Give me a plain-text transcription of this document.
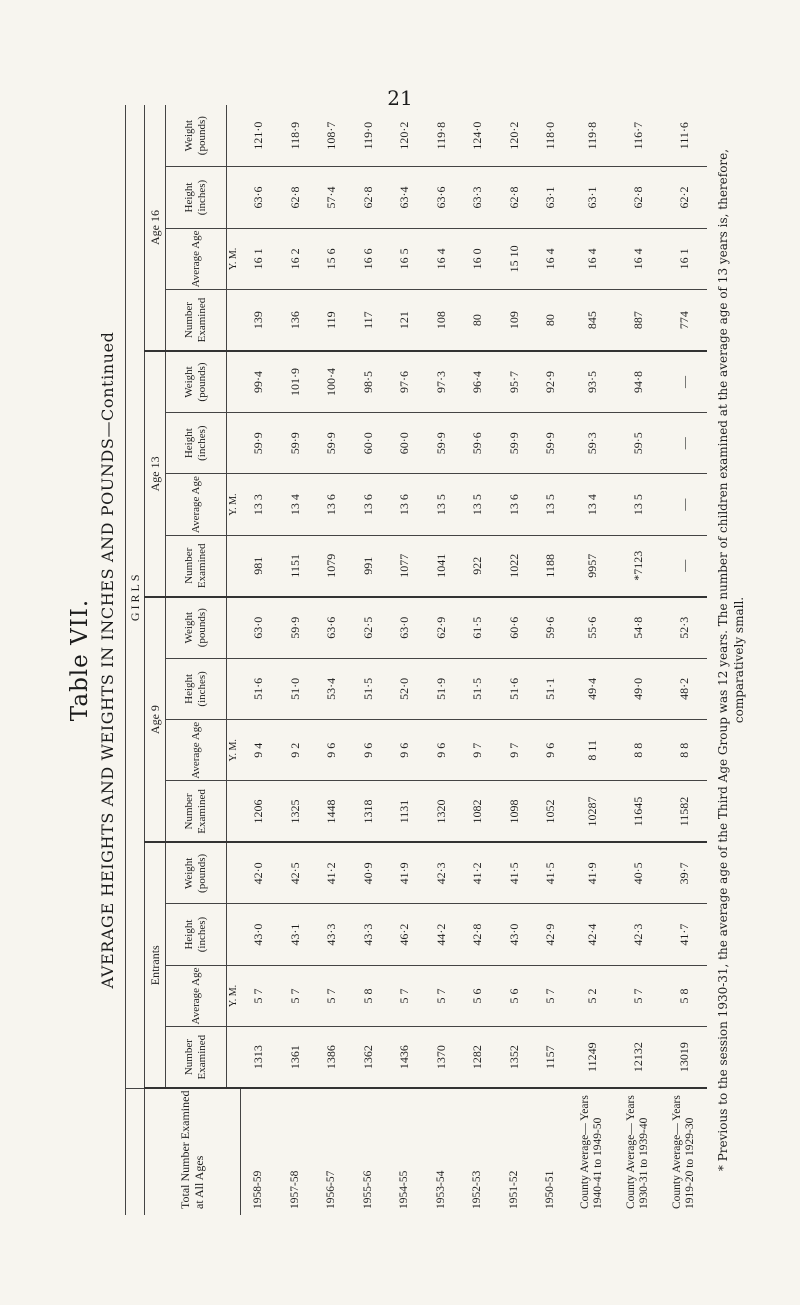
21
Table VII. AVERAGE HEIGHTS AND WEIGHTS IN INCHES AND POUNDS—Continued
	GIRLS															
Total Number Examined at All Ages	Entrants				Age 9				Age 13				Age 16			
	Number Examined	Average Age	Height (inches)	Weight (pounds)	Number Examined	Average Age	Height (inches)	Weight (pounds)	Number Examined	Average Age	Height (inches)	Weight (pounds)	Number Examined	Average Age	Height (inches)	Weight (pounds)
		Y. M.				Y. M.				Y. M.				Y. M.		
1958-59	1313	5 7	43·0	42·0	1206	9 4	51·6	63·0	981	13 3	59·9	99·4	139	16 1	63·6	121·0
1957-58	1361	5 7	43·1	42·5	1325	9 2	51·0	59·9	1151	13 4	59·9	101·9	136	16 2	62·8	118·9
1956-57	1386	5 7	43·3	41·2	1448	9 6	53·4	63·6	1079	13 6	59·9	100·4	119	15 6	57·4	108·7
1955-56	1362	5 8	43·3	40·9	1318	9 6	51·5	62·5	991	13 6	60·0	98·5	117	16 6	62·8	119·0
1954-55	1436	5 7	46·2	41·9	1131	9 6	52·0	63·0	1077	13 6	60·0	97·6	121	16 5	63·4	120·2
1953-54	1370	5 7	44·2	42·3	1320	9 6	51·9	62·9	1041	13 5	59·9	97·3	108	16 4	63·6	119·8
1952-53	1282	5 6	42·8	41·2	1082	9 7	51·5	61·5	922	13 5	59·6	96·4	80	16 0	63·3	124·0
1951-52	1352	5 6	43·0	41·5	1098	9 7	51·6	60·6	1022	13 6	59·9	95·7	109	15 10	62·8	120·2
1950-51	1157	5 7	42·9	41·5	1052	9 6	51·1	59·6	1188	13 5	59·9	92·9	80	16 4	63·1	118·0
County Average— Years 1940-41 to 1949-50	11249	5 2	42·4	41·9	10287	8 11	49·4	55·6	9957	13 4	59·3	93·5	845	16 4	63·1	119·8
County Average— Years 1930-31 to 1939-40	12132	5 7	42·3	40·5	11645	8 8	49·0	54·8	*7123	13 5	59·5	94·8	887	16 4	62·8	116·7
County Average— Years 1919-20 to 1929-30	13019	5 8	41·7	39·7	11582	8 8	48·2	52·3	—	—	—	—	774	16 1	62·2	111·6
* Previous to the session 1930-31, the average age of the Third Age Group was 12 years. The number of children examined at the average age of 13 years is, therefore, comparatively small.
